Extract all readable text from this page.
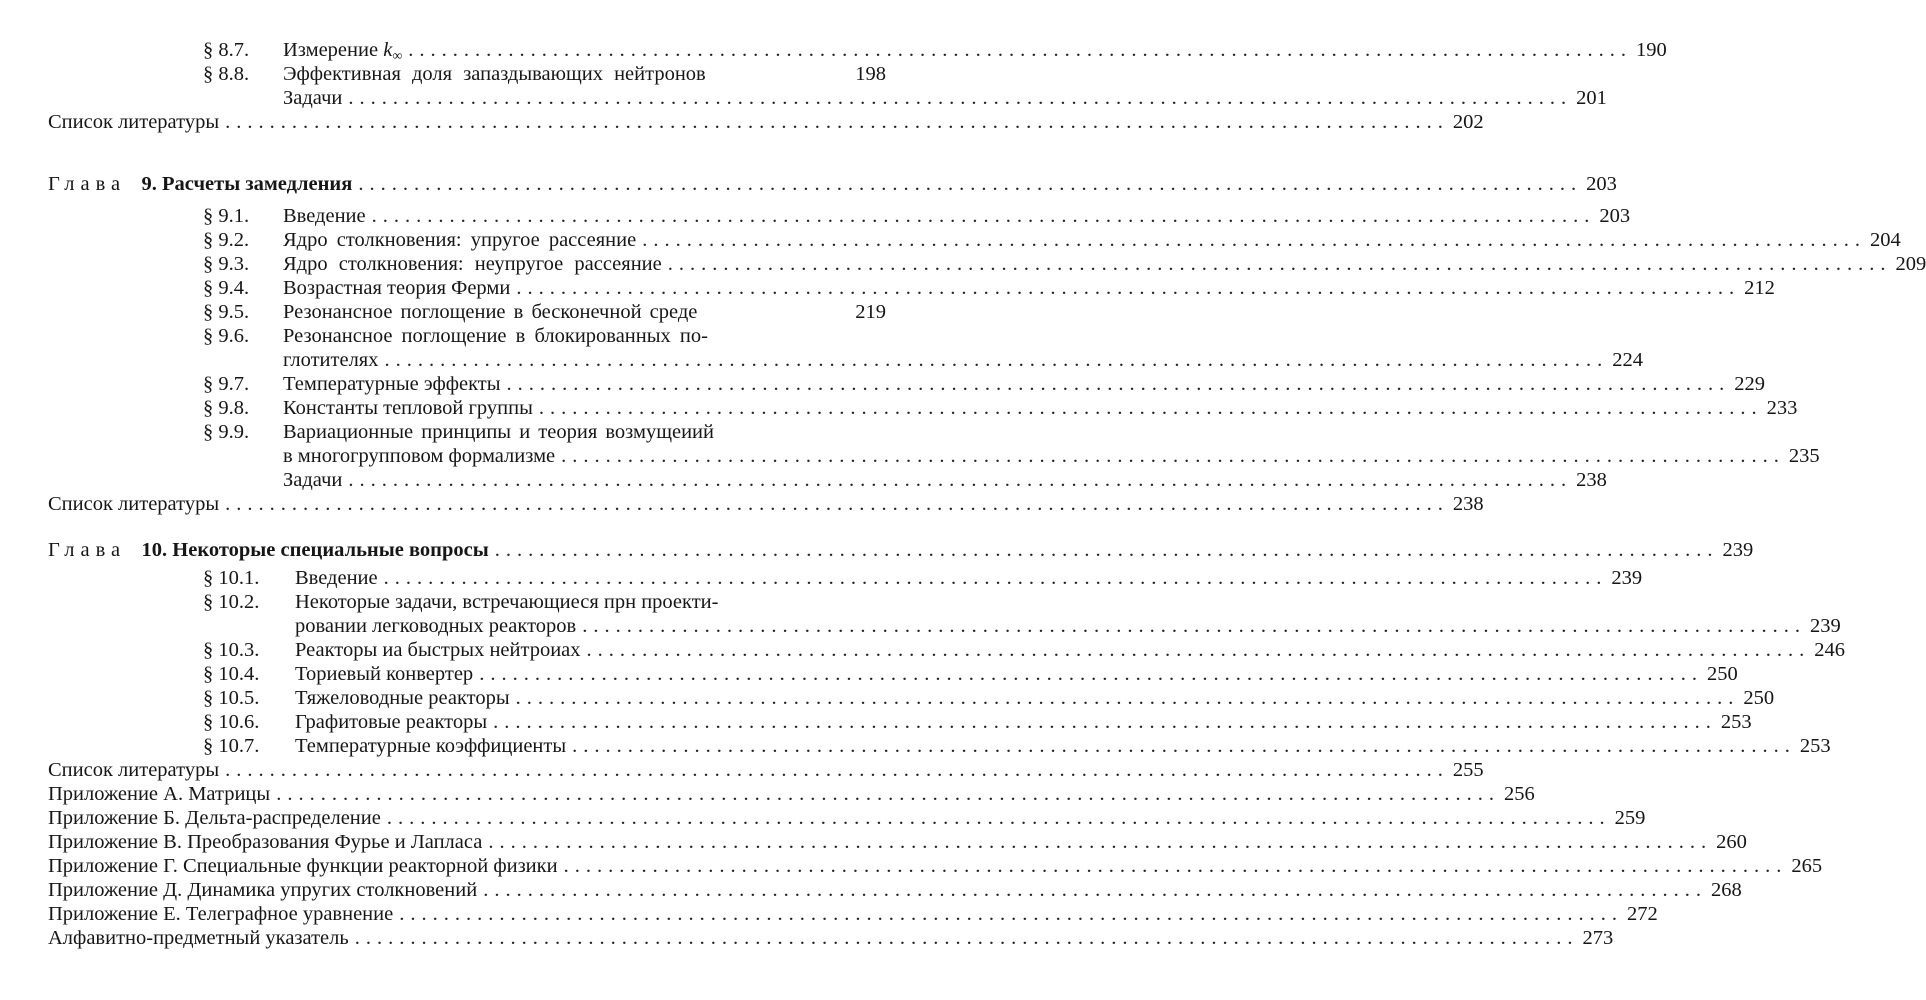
§ 8.7. Измерение $k_\infty$ .............................................................................................................. 190
§ 8.8. Эффективная доля запаздывающих нейтронов	198
Задачи .............................................................................................................. 201
Список литературы .............................................................................................................. 202
Глава 9. Расчеты замедления .............................................................................................................. 203
§ 9.1. Введение .............................................................................................................. 203
§ 9.2. Ядро столкновения: упругое рассеяние .............................................................................................................. 204
§ 9.3. Ядро столкновения: неупругое рассеяние .............................................................................................................. 209
§ 9.4. Возрастная теория Ферми .............................................................................................................. 212
§ 9.5. Резонансное поглощение в бесконечной среде	219
§ 9.6. Резонансное поглощение в блокированных по-
глотителях .............................................................................................................. 224
§ 9.7. Температурные эффекты .............................................................................................................. 229
§ 9.8. Константы тепловой группы .............................................................................................................. 233
§ 9.9. Вариационные принципы и теория возмущеиий
в многогрупповом формализме .............................................................................................................. 235
Задачи .............................................................................................................. 238
Список литературы .............................................................................................................. 238
Глава 10. Некоторые специальные вопросы .............................................................................................................. 239
§ 10.1. Введение .............................................................................................................. 239
§ 10.2. Некоторые задачи, встречающиеся прн проекти-
ровании легководных реакторов .............................................................................................................. 239
§ 10.3. Реакторы иа быстрых нейтроиах .............................................................................................................. 246
§ 10.4. Ториевый конвертер .............................................................................................................. 250
§ 10.5. Тяжеловодные реакторы .............................................................................................................. 250
§ 10.6. Графитовые реакторы .............................................................................................................. 253
§ 10.7. Температурные коэффициенты .............................................................................................................. 253
Список литературы .............................................................................................................. 255
Приложение А. Матрицы .............................................................................................................. 256
Приложение Б. Дельта-распределение .............................................................................................................. 259
Приложение В. Преобразования Фурье и Лапласа .............................................................................................................. 260
Приложение Г. Специальные функции реакторной физики .............................................................................................................. 265
Приложение Д. Динамика упругих столкновений .............................................................................................................. 268
Приложение Е. Телеграфное уравнение .............................................................................................................. 272
Алфавитно-предметный указатель .............................................................................................................. 273
